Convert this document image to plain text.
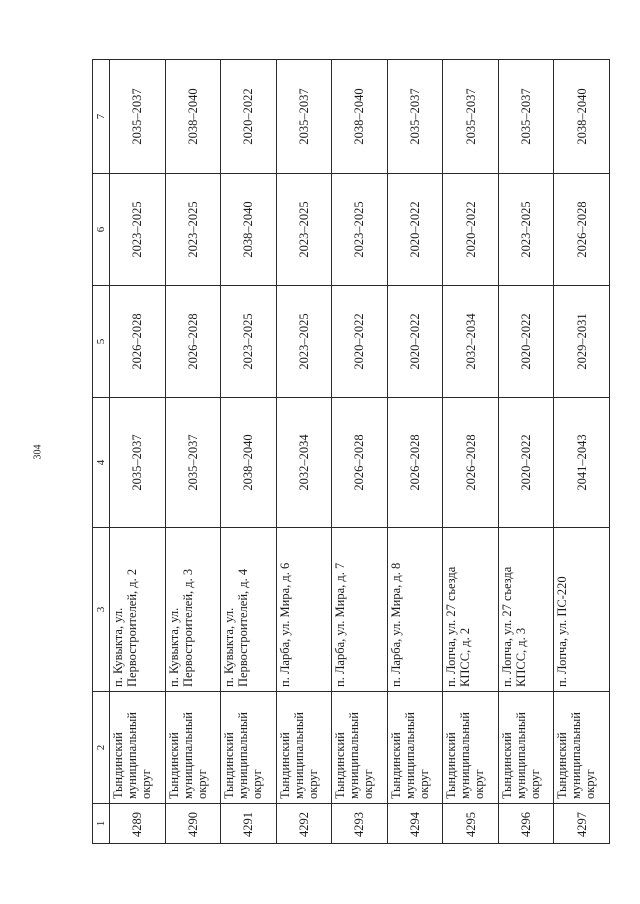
304
1	2	3	4	5	6	7
4289	Тындинский муниципальный округ	п. Кувыкта, ул. Первостроителей, д. 2	2035–2037	2026–2028	2023–2025	2035–2037
4290	Тындинский муниципальный округ	п. Кувыкта, ул. Первостроителей, д. 3	2035–2037	2026–2028	2023–2025	2038–2040
4291	Тындинский муниципальный округ	п. Кувыкта, ул. Первостроителей, д. 4	2038–2040	2023–2025	2038–2040	2020–2022
4292	Тындинский муниципальный округ	п. Ларба, ул. Мира, д. 6	2032–2034	2023–2025	2023–2025	2035–2037
4293	Тындинский муниципальный округ	п. Ларба, ул. Мира, д. 7	2026–2028	2020–2022	2023–2025	2038–2040
4294	Тындинский муниципальный округ	п. Ларба, ул. Мира, д. 8	2026–2028	2020–2022	2020–2022	2035–2037
4295	Тындинский муниципальный округ	п. Лопча, ул. 27 съезда КПСС, д. 2	2026–2028	2032–2034	2020–2022	2035–2037
4296	Тындинский муниципальный округ	п. Лопча, ул. 27 съезда КПСС, д. 3	2020–2022	2020–2022	2023–2025	2035–2037
4297	Тындинский муниципальный округ	п. Лопча, ул. ПС-220	2041–2043	2029–2031	2026–2028	2038–2040
